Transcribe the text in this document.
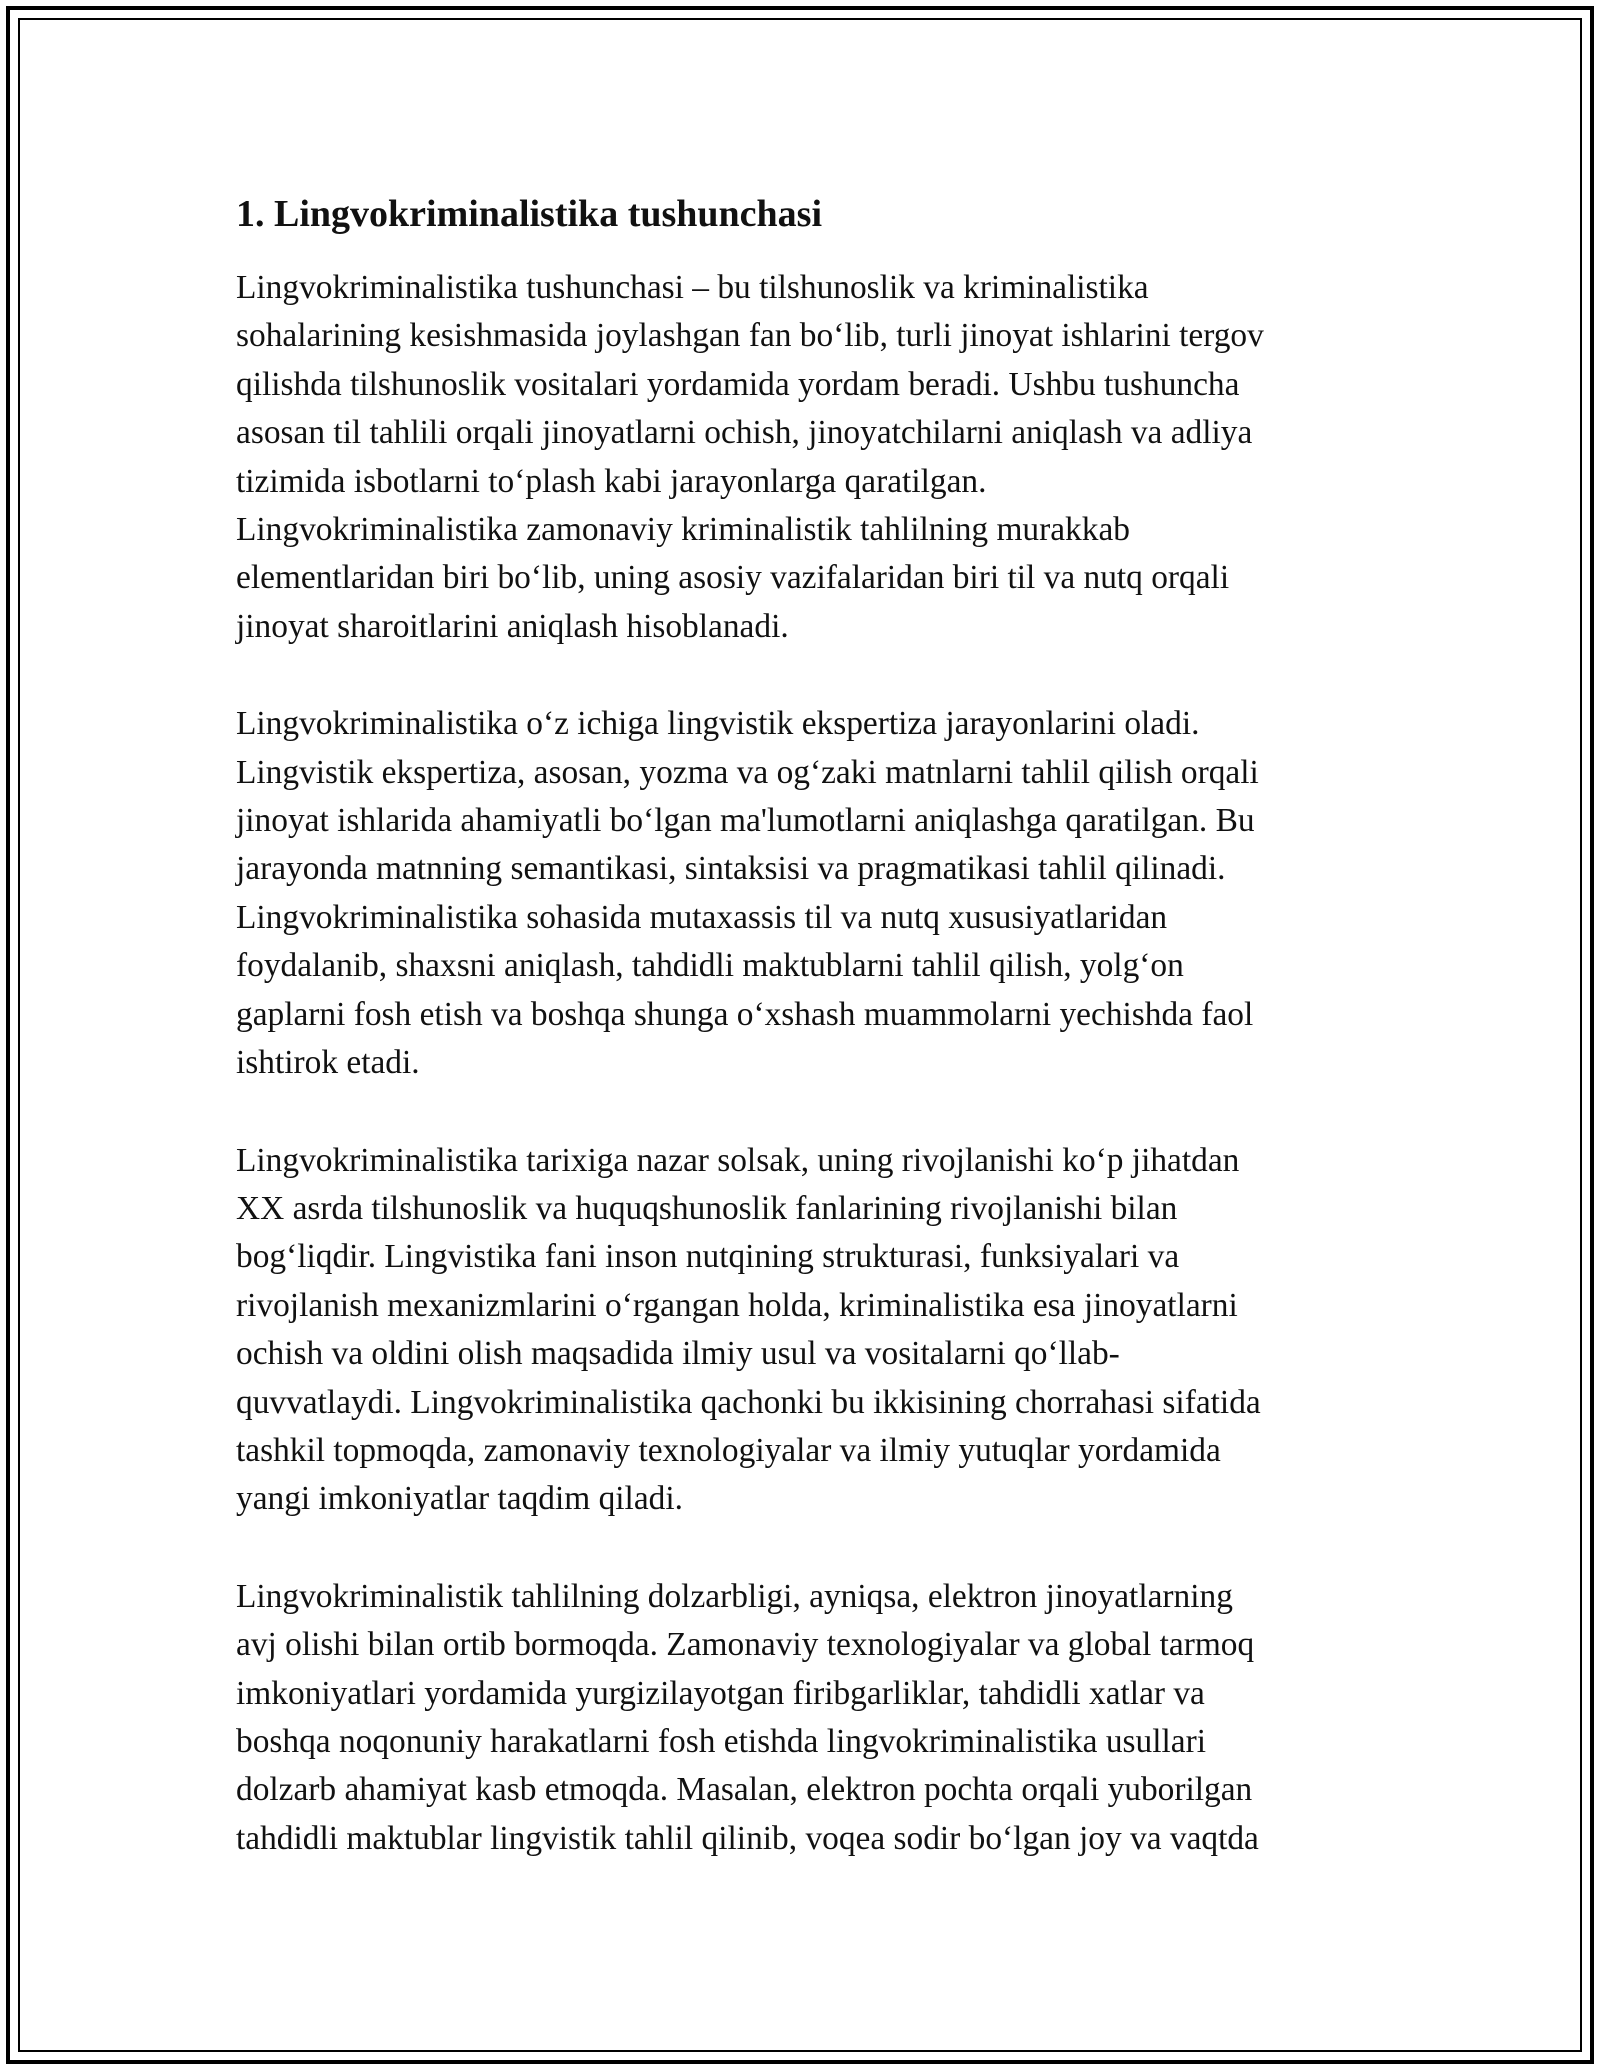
1. Lingvokriminalistika tushunchasi

Lingvokriminalistika tushunchasi – bu tilshunoslik va kriminalistika
sohalarining kesishmasida joylashgan fan bo‘lib, turli jinoyat ishlarini tergov
qilishda tilshunoslik vositalari yordamida yordam beradi. Ushbu tushuncha
asosan til tahlili orqali jinoyatlarni ochish, jinoyatchilarni aniqlash va adliya
tizimida isbotlarni to‘plash kabi jarayonlarga qaratilgan.
Lingvokriminalistika zamonaviy kriminalistik tahlilning murakkab
elementlaridan biri bo‘lib, uning asosiy vazifalaridan biri til va nutq orqali
jinoyat sharoitlarini aniqlash hisoblanadi.

Lingvokriminalistika o‘z ichiga lingvistik ekspertiza jarayonlarini oladi.
Lingvistik ekspertiza, asosan, yozma va og‘zaki matnlarni tahlil qilish orqali
jinoyat ishlarida ahamiyatli bo‘lgan ma'lumotlarni aniqlashga qaratilgan. Bu
jarayonda matnning semantikasi, sintaksisi va pragmatikasi tahlil qilinadi.
Lingvokriminalistika sohasida mutaxassis til va nutq xususiyatlaridan
foydalanib, shaxsni aniqlash, tahdidli maktublarni tahlil qilish, yolg‘on
gaplarni fosh etish va boshqa shunga o‘xshash muammolarni yechishda faol
ishtirok etadi.

Lingvokriminalistika tarixiga nazar solsak, uning rivojlanishi ko‘p jihatdan
XX asrda tilshunoslik va huquqshunoslik fanlarining rivojlanishi bilan
bog‘liqdir. Lingvistika fani inson nutqining strukturasi, funksiyalari va
rivojlanish mexanizmlarini o‘rgangan holda, kriminalistika esa jinoyatlarni
ochish va oldini olish maqsadida ilmiy usul va vositalarni qo‘llab-
quvvatlaydi. Lingvokriminalistika qachonki bu ikkisining chorrahasi sifatida
tashkil topmoqda, zamonaviy texnologiyalar va ilmiy yutuqlar yordamida
yangi imkoniyatlar taqdim qiladi.

Lingvokriminalistik tahlilning dolzarbligi, ayniqsa, elektron jinoyatlarning
avj olishi bilan ortib bormoqda. Zamonaviy texnologiyalar va global tarmoq
imkoniyatlari yordamida yurgizilayotgan firibgarliklar, tahdidli xatlar va
boshqa noqonuniy harakatlarni fosh etishda lingvokriminalistika usullari
dolzarb ahamiyat kasb etmoqda. Masalan, elektron pochta orqali yuborilgan
tahdidli maktublar lingvistik tahlil qilinib, voqea sodir bo‘lgan joy va vaqtda
